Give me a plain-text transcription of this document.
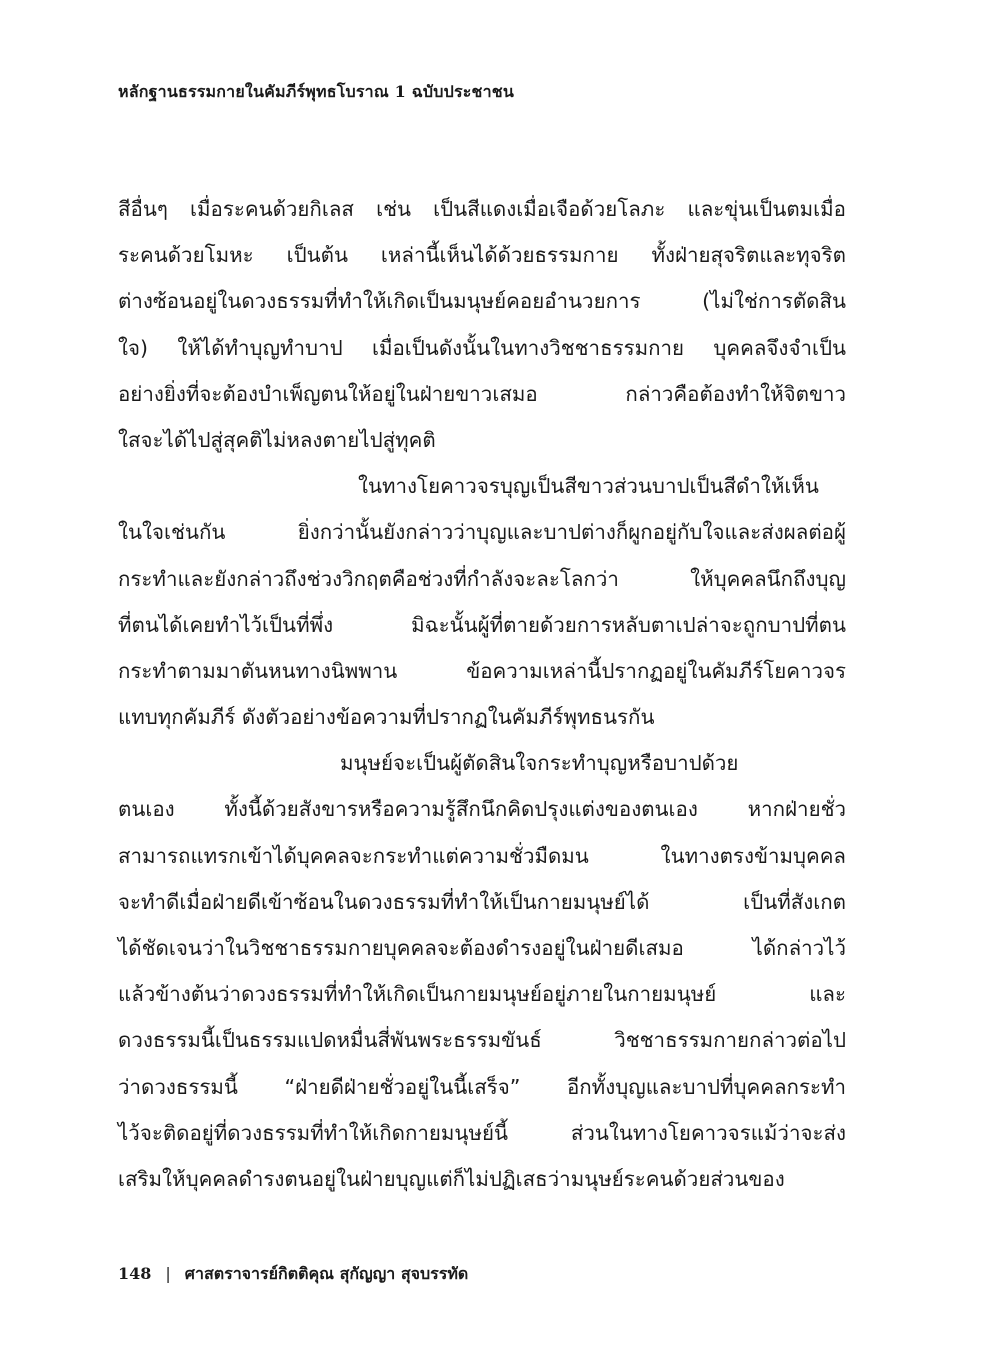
หลักฐานธรรมกายในคัมภีร์พุทธโบราณ 1 ฉบับประชาชน
สีอื่นๆ เมื่อระคนด้วยกิเลส เช่น เป็นสีแดงเมื่อเจือด้วยโลภะ และขุ่นเป็นตมเมื่อ
ระคนด้วยโมหะ เป็นต้น เหล่านี้เห็นได้ด้วยธรรมกาย ทั้งฝ่ายสุจริตและทุจริต
ต่างซ้อนอยู่ในดวงธรรมที่ทำให้เกิดเป็นมนุษย์คอยอำนวยการ (ไม่ใช่การตัดสิน
ใจ) ให้ได้ทำบุญทำบาป เมื่อเป็นดังนั้นในทางวิชชาธรรมกาย บุคคลจึงจำเป็น
อย่างยิ่งที่จะต้องบำเพ็ญตนให้อยู่ในฝ่ายขาวเสมอ กล่าวคือต้องทำให้จิตขาว
ใสจะได้ไปสู่สุคติไม่หลงตายไปสู่ทุคติ
ในทางโยคาวจรบุญเป็นสีขาวส่วนบาปเป็นสีดำให้เห็น
ในใจเช่นกัน ยิ่งกว่านั้นยังกล่าวว่าบุญและบาปต่างก็ผูกอยู่กับใจและส่งผลต่อผู้
กระทำและยังกล่าวถึงช่วงวิกฤตคือช่วงที่กำลังจะละโลกว่า ให้บุคคลนึกถึงบุญ
ที่ตนได้เคยทำไว้เป็นที่พึ่ง มิฉะนั้นผู้ที่ตายด้วยการหลับตาเปล่าจะถูกบาปที่ตน
กระทำตามมาตันหนทางนิพพาน ข้อความเหล่านี้ปรากฏอยู่ในคัมภีร์โยคาวจร
แทบทุกคัมภีร์ ดังตัวอย่างข้อความที่ปรากฏในคัมภีร์พุทธนรกัน
มนุษย์จะเป็นผู้ตัดสินใจกระทำบุญหรือบาปด้วย
ตนเอง ทั้งนี้ด้วยสังขารหรือความรู้สึกนึกคิดปรุงแต่งของตนเอง หากฝ่ายชั่ว
สามารถแทรกเข้าได้บุคคลจะกระทำแต่ความชั่วมืดมน ในทางตรงข้ามบุคคล
จะทำดีเมื่อฝ่ายดีเข้าซ้อนในดวงธรรมที่ทำให้เป็นกายมนุษย์ได้ เป็นที่สังเกต
ได้ชัดเจนว่าในวิชชาธรรมกายบุคคลจะต้องดำรงอยู่ในฝ่ายดีเสมอ ได้กล่าวไว้
แล้วข้างต้นว่าดวงธรรมที่ทำให้เกิดเป็นกายมนุษย์อยู่ภายในกายมนุษย์ และ
ดวงธรรมนี้เป็นธรรมแปดหมื่นสี่พันพระธรรมขันธ์ วิชชาธรรมกายกล่าวต่อไป
ว่าดวงธรรมนี้ “ฝ่ายดีฝ่ายชั่วอยู่ในนี้เสร็จ” อีกทั้งบุญและบาปที่บุคคลกระทำ
ไว้จะติดอยู่ที่ดวงธรรมที่ทำให้เกิดกายมนุษย์นี้ ส่วนในทางโยคาวจรแม้ว่าจะส่ง
เสริมให้บุคคลดำรงตนอยู่ในฝ่ายบุญแต่ก็ไม่ปฏิเสธว่ามนุษย์ระคนด้วยส่วนของ
148 | ศาสตราจารย์กิตติคุณ สุกัญญา สุจบรรทัด
